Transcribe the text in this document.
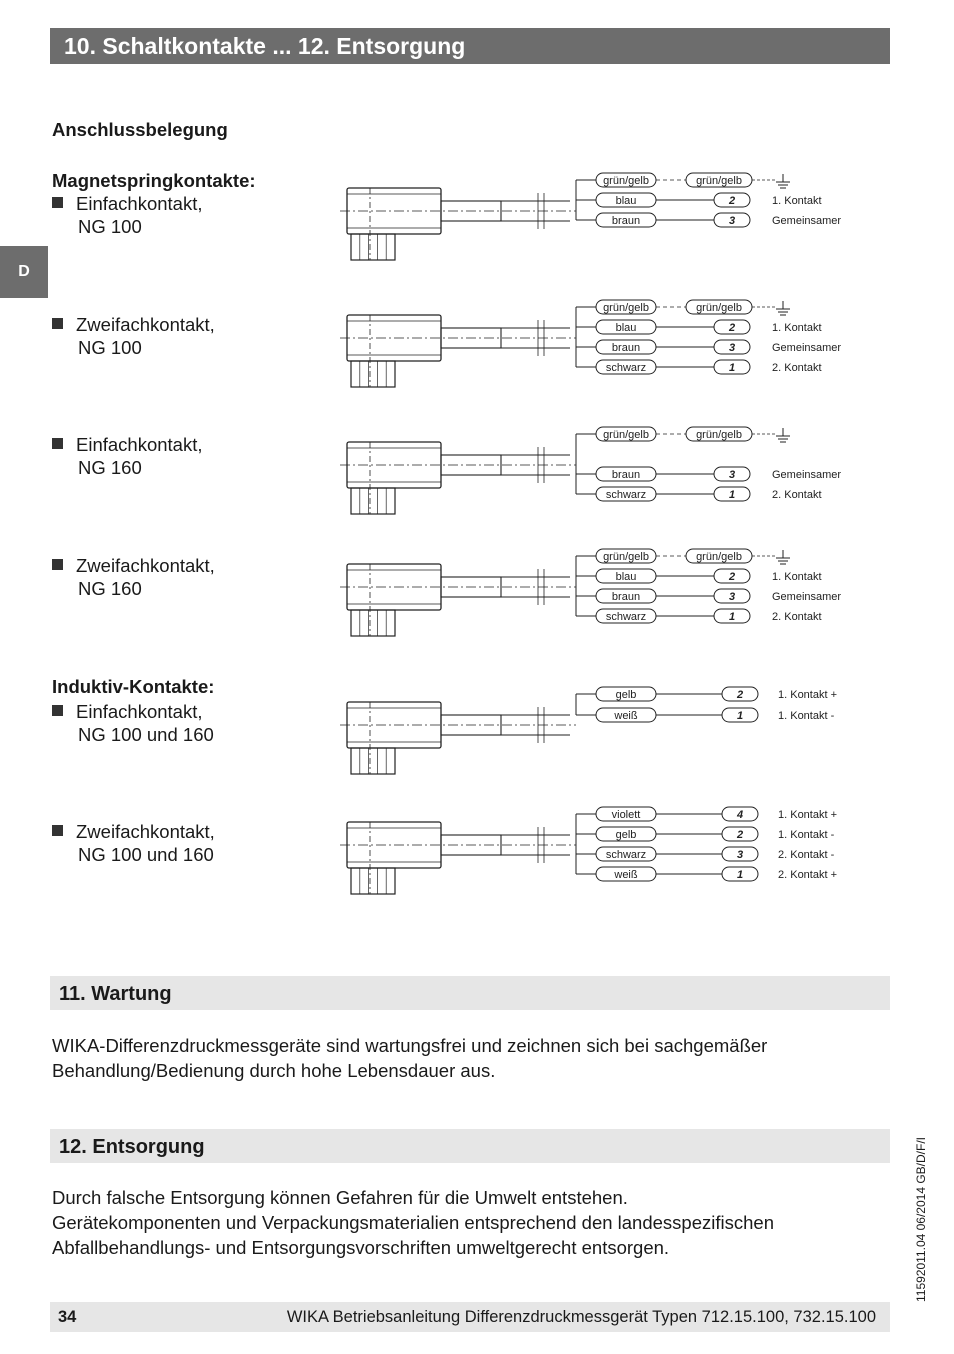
10. Schaltkontakte ... 12. Entsorgung
D
Anschlussbelegung
Magnetspringkontakte:
Induktiv-Kontakte:
Einfachkontakt,
NG 100
Zweifachkontakt,
NG 100
Einfachkontakt,
NG 160
Zweifachkontakt,
NG 160
Einfachkontakt,
NG 100 und 160
Zweifachkontakt,
NG 100 und 160
grün/gelb	grün/gelb
blau	2	1. Kontakt
braun	3	Gemeinsamer
grün/gelb	grün/gelb
blau	2	1. Kontakt
braun	3	Gemeinsamer
schwarz	1	2. Kontakt
grün/gelb	grün/gelb
braun	3	Gemeinsamer
schwarz	1	2. Kontakt
grün/gelb	grün/gelb
blau	2	1. Kontakt
braun	3	Gemeinsamer
schwarz	1	2. Kontakt
gelb	2	1. Kontakt +
weiß	1	1. Kontakt -
violett	4	1. Kontakt +
gelb	2	1. Kontakt -
schwarz	3	2. Kontakt -
weiß	1	2. Kontakt +
11. Wartung
WIKA-Differenzdruckmessgeräte sind wartungsfrei und zeichnen sich bei sachgemäßer
Behandlung/Bedienung durch hohe Lebensdauer aus.
12. Entsorgung
Durch falsche Entsorgung können Gefahren für die Umwelt entstehen.
Gerätekomponenten und Verpackungsmaterialien entsprechend den landesspezifischen
Abfallbehandlungs- und Entsorgungsvorschriften umweltgerecht entsorgen.	11592011.04 06/2014 GB/D/F/I
34	WIKA Betriebsanleitung Differenzdruckmessgerät Typen 712.15.100, 732.15.100
